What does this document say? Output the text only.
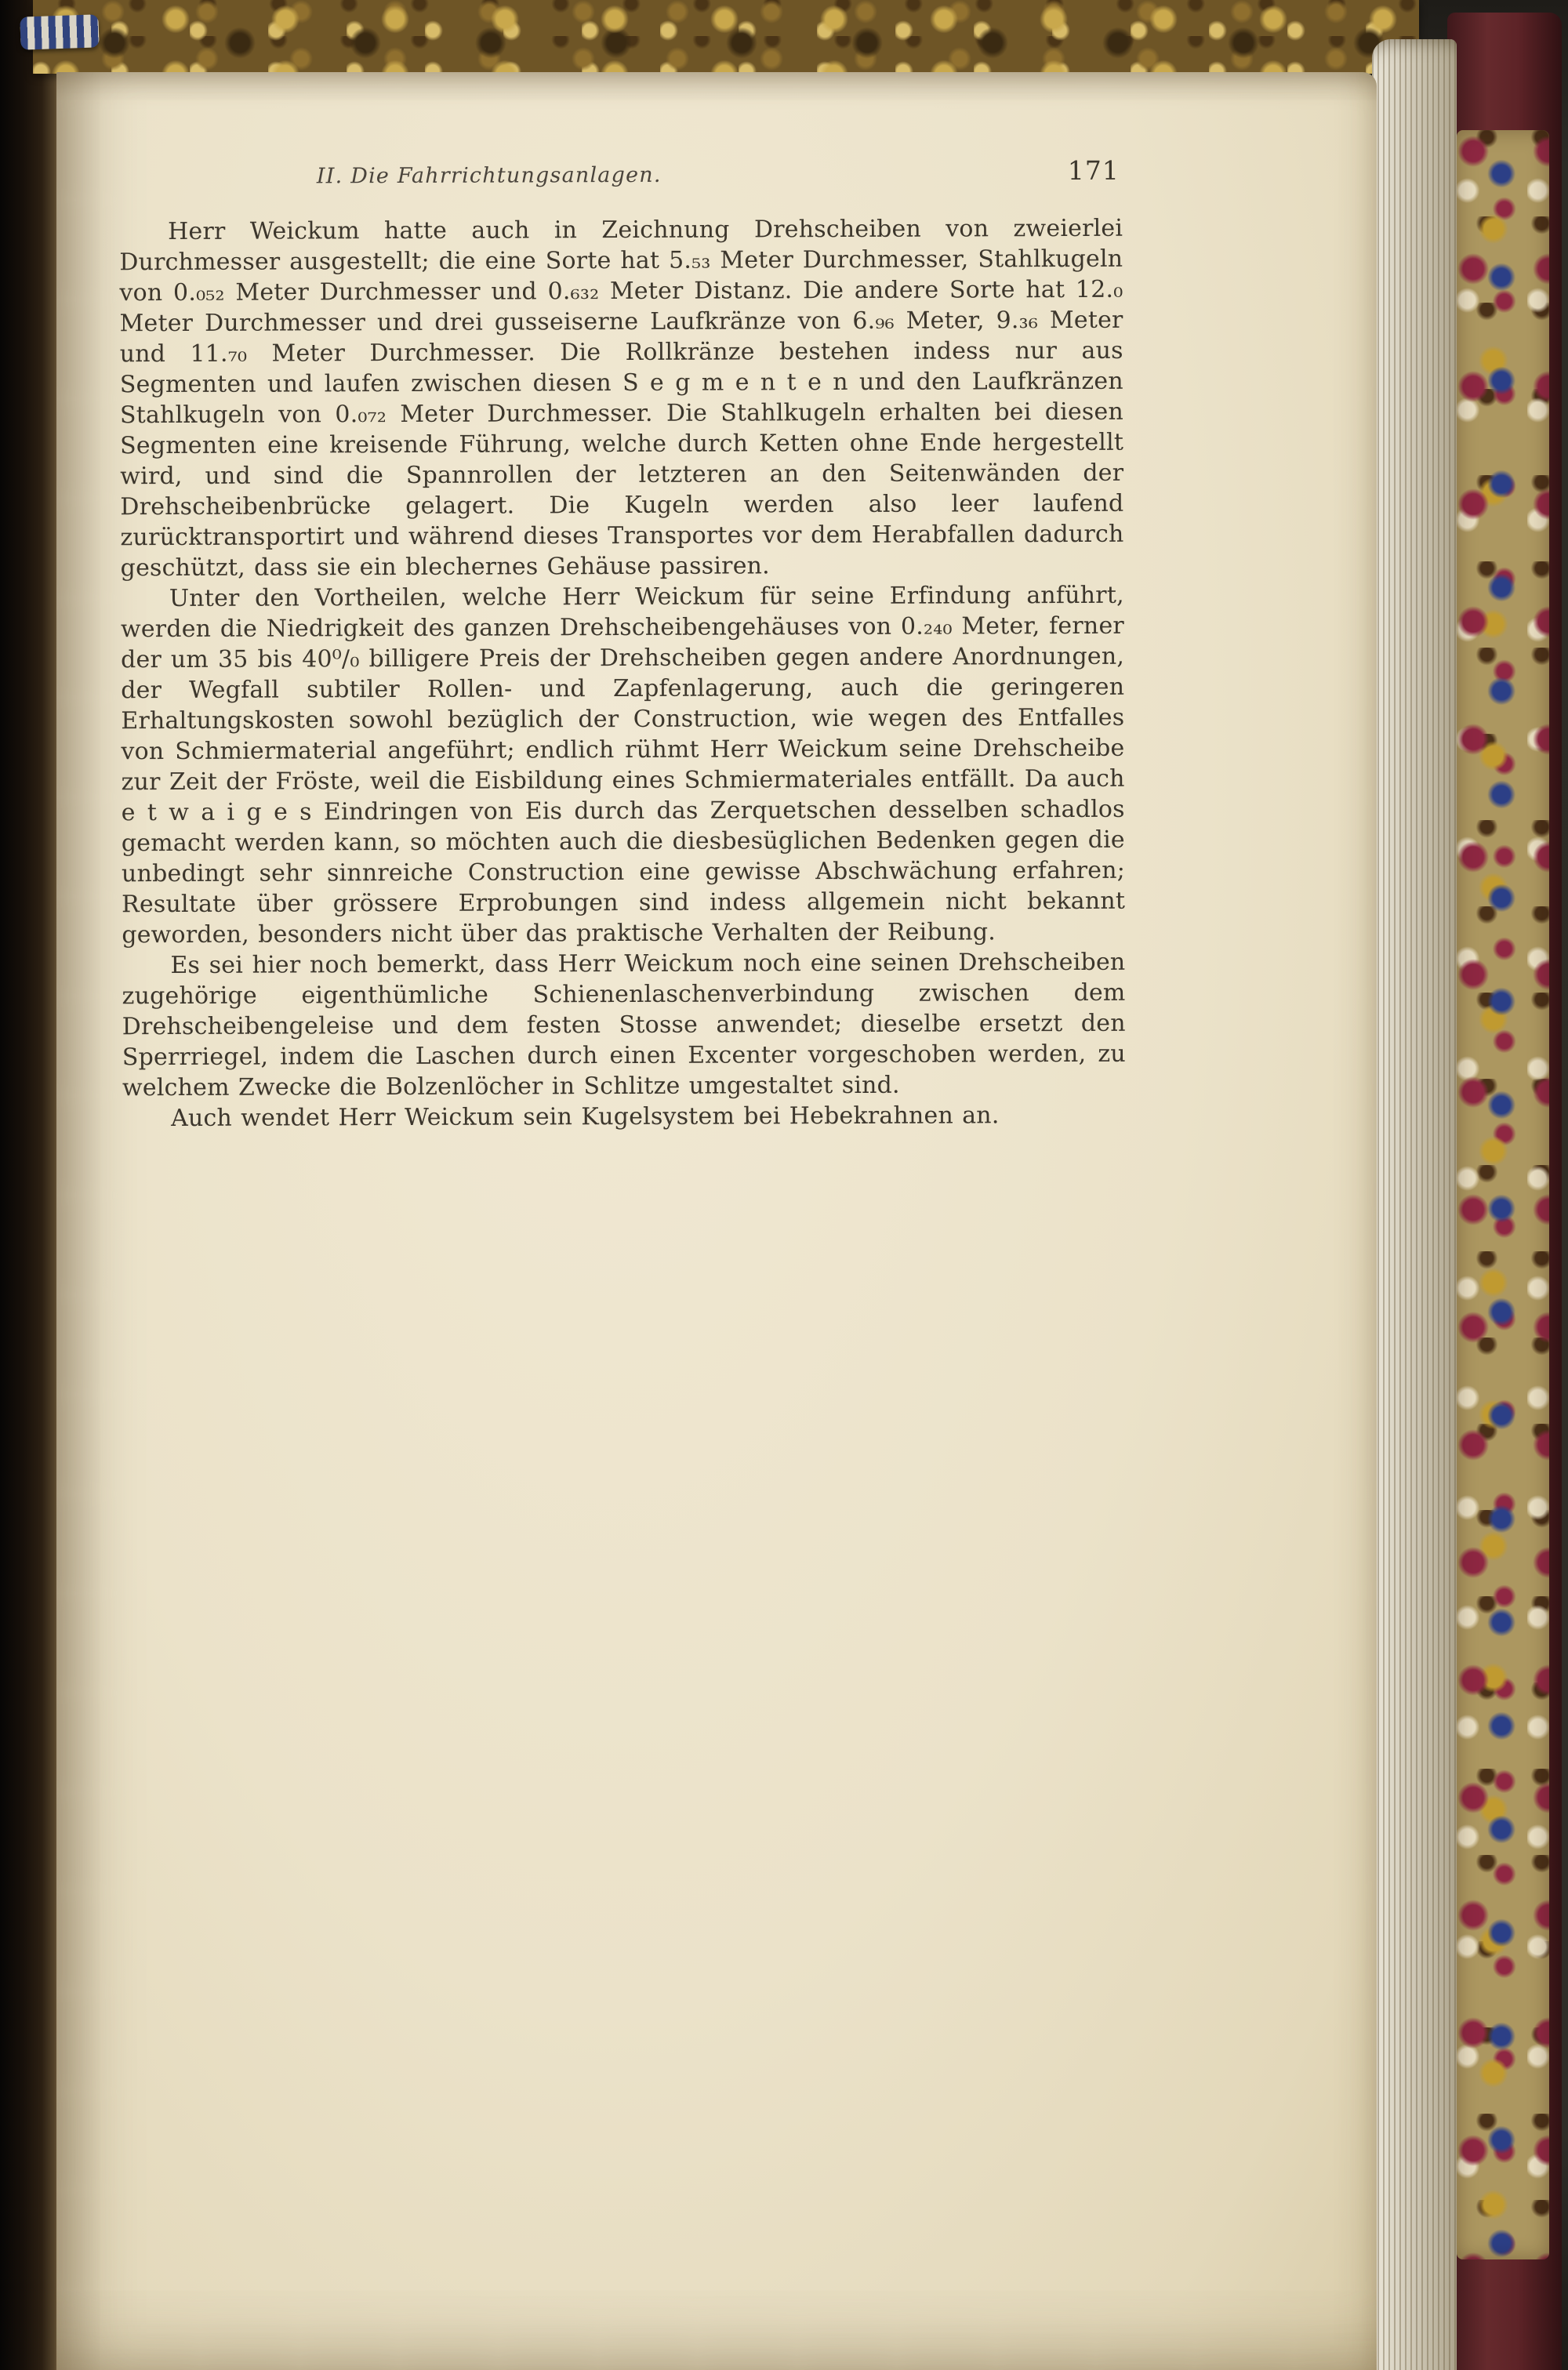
II. Die Fahrrichtungsanlagen.	171

Herr Weickum hatte auch in Zeichnung Drehscheiben von zweierlei Durchmesser ausgestellt; die eine Sorte hat 5.₅₃ Meter Durchmesser, Stahlkugeln von 0.₀₅₂ Meter Durchmesser und 0.₆₃₂ Meter Distanz. Die andere Sorte hat 12.₀ Meter Durchmesser und drei gusseiserne Laufkränze von 6.₉₆ Meter, 9.₃₆ Meter und 11.₇₀ Meter Durchmesser. Die Rollkränze bestehen indess nur aus Segmenten und laufen zwischen diesen S e g m e n t e n und den Laufkränzen Stahlkugeln von 0.₀₇₂ Meter Durchmesser. Die Stahlkugeln erhalten bei diesen Segmenten eine kreisende Führung, welche durch Ketten ohne Ende hergestellt wird, und sind die Spannrollen der letzteren an den Seitenwänden der Drehscheibenbrücke gelagert. Die Kugeln werden also leer laufend zurücktransportirt und während dieses Transportes vor dem Herabfallen dadurch geschützt, dass sie ein blechernes Gehäuse passiren.

Unter den Vortheilen, welche Herr Weickum für seine Erfindung anführt, werden die Niedrigkeit des ganzen Drehscheibengehäuses von 0.₂₄₀ Meter, ferner der um 35 bis 40⁰/₀ billigere Preis der Drehscheiben gegen andere Anordnungen, der Wegfall subtiler Rollen- und Zapfenlagerung, auch die geringeren Erhaltungskosten sowohl bezüglich der Construction, wie wegen des Entfalles von Schmiermaterial angeführt; endlich rühmt Herr Weickum seine Drehscheibe zur Zeit der Fröste, weil die Eisbildung eines Schmiermateriales entfällt. Da auch e t w a i g e s Eindringen von Eis durch das Zerquetschen desselben schadlos gemacht werden kann, so möchten auch die diesbesüglichen Bedenken gegen die unbedingt sehr sinnreiche Construction eine gewisse Abschwächung erfahren; Resultate über grössere Erprobungen sind indess allgemein nicht bekannt geworden, besonders nicht über das praktische Verhalten der Reibung.

Es sei hier noch bemerkt, dass Herr Weickum noch eine seinen Drehscheiben zugehörige eigenthümliche Schienenlaschenverbindung zwischen dem Drehscheibengeleise und dem festen Stosse anwendet; dieselbe ersetzt den Sperrriegel, indem die Laschen durch einen Excenter vorgeschoben werden, zu welchem Zwecke die Bolzenlöcher in Schlitze umgestaltet sind.

Auch wendet Herr Weickum sein Kugelsystem bei Hebekrahnen an.
